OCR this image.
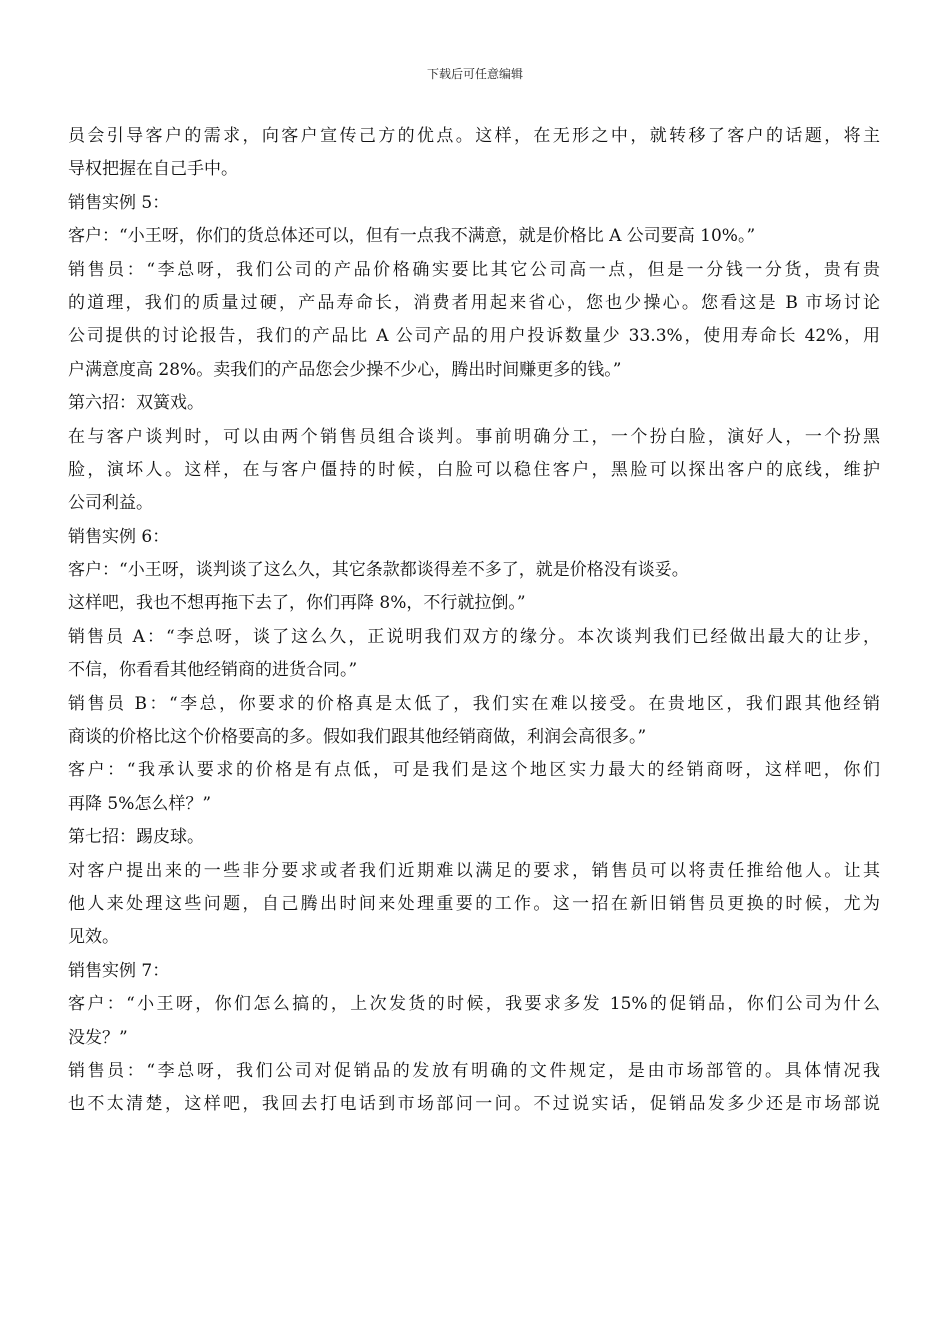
下载后可任意编辑
员会引导客户的需求，向客户宣传己方的优点。这样，在无形之中，就转移了客户的话题，将主
导权把握在自己手中。
销售实例 5：
客户：“小王呀，你们的货总体还可以，但有一点我不满意，就是价格比 A 公司要高 10%。”
销售员：“李总呀，我们公司的产品价格确实要比其它公司高一点，但是一分钱一分货，贵有贵
的道理，我们的质量过硬，产品寿命长，消费者用起来省心，您也少操心。您看这是 B 市场讨论
公司提供的讨论报告，我们的产品比 A 公司产品的用户投诉数量少 33.3%，使用寿命长 42%，用
户满意度高 28%。卖我们的产品您会少操不少心，腾出时间赚更多的钱。”
第六招：双簧戏。
在与客户谈判时，可以由两个销售员组合谈判。事前明确分工，一个扮白脸，演好人，一个扮黑
脸，演坏人。这样，在与客户僵持的时候，白脸可以稳住客户，黑脸可以探出客户的底线，维护
公司利益。
销售实例 6：
客户：“小王呀，谈判谈了这么久，其它条款都谈得差不多了，就是价格没有谈妥。
这样吧，我也不想再拖下去了，你们再降 8%，不行就拉倒。”
销售员 A：“李总呀，谈了这么久，正说明我们双方的缘分。本次谈判我们已经做出最大的让步，
不信，你看看其他经销商的进货合同。”
销售员 B：“李总，你要求的价格真是太低了，我们实在难以接受。在贵地区，我们跟其他经销
商谈的价格比这个价格要高的多。假如我们跟其他经销商做，利润会高很多。”
客户：“我承认要求的价格是有点低，可是我们是这个地区实力最大的经销商呀，这样吧，你们
再降 5%怎么样？”
第七招：踢皮球。
对客户提出来的一些非分要求或者我们近期难以满足的要求，销售员可以将责任推给他人。让其
他人来处理这些问题，自己腾出时间来处理重要的工作。这一招在新旧销售员更换的时候，尤为
见效。
销售实例 7：
客户：“小王呀，你们怎么搞的，上次发货的时候，我要求多发 15%的促销品，你们公司为什么
没发？”
销售员：“李总呀，我们公司对促销品的发放有明确的文件规定，是由市场部管的。具体情况我
也不太清楚，这样吧，我回去打电话到市场部问一问。不过说实话，促销品发多少还是市场部说
